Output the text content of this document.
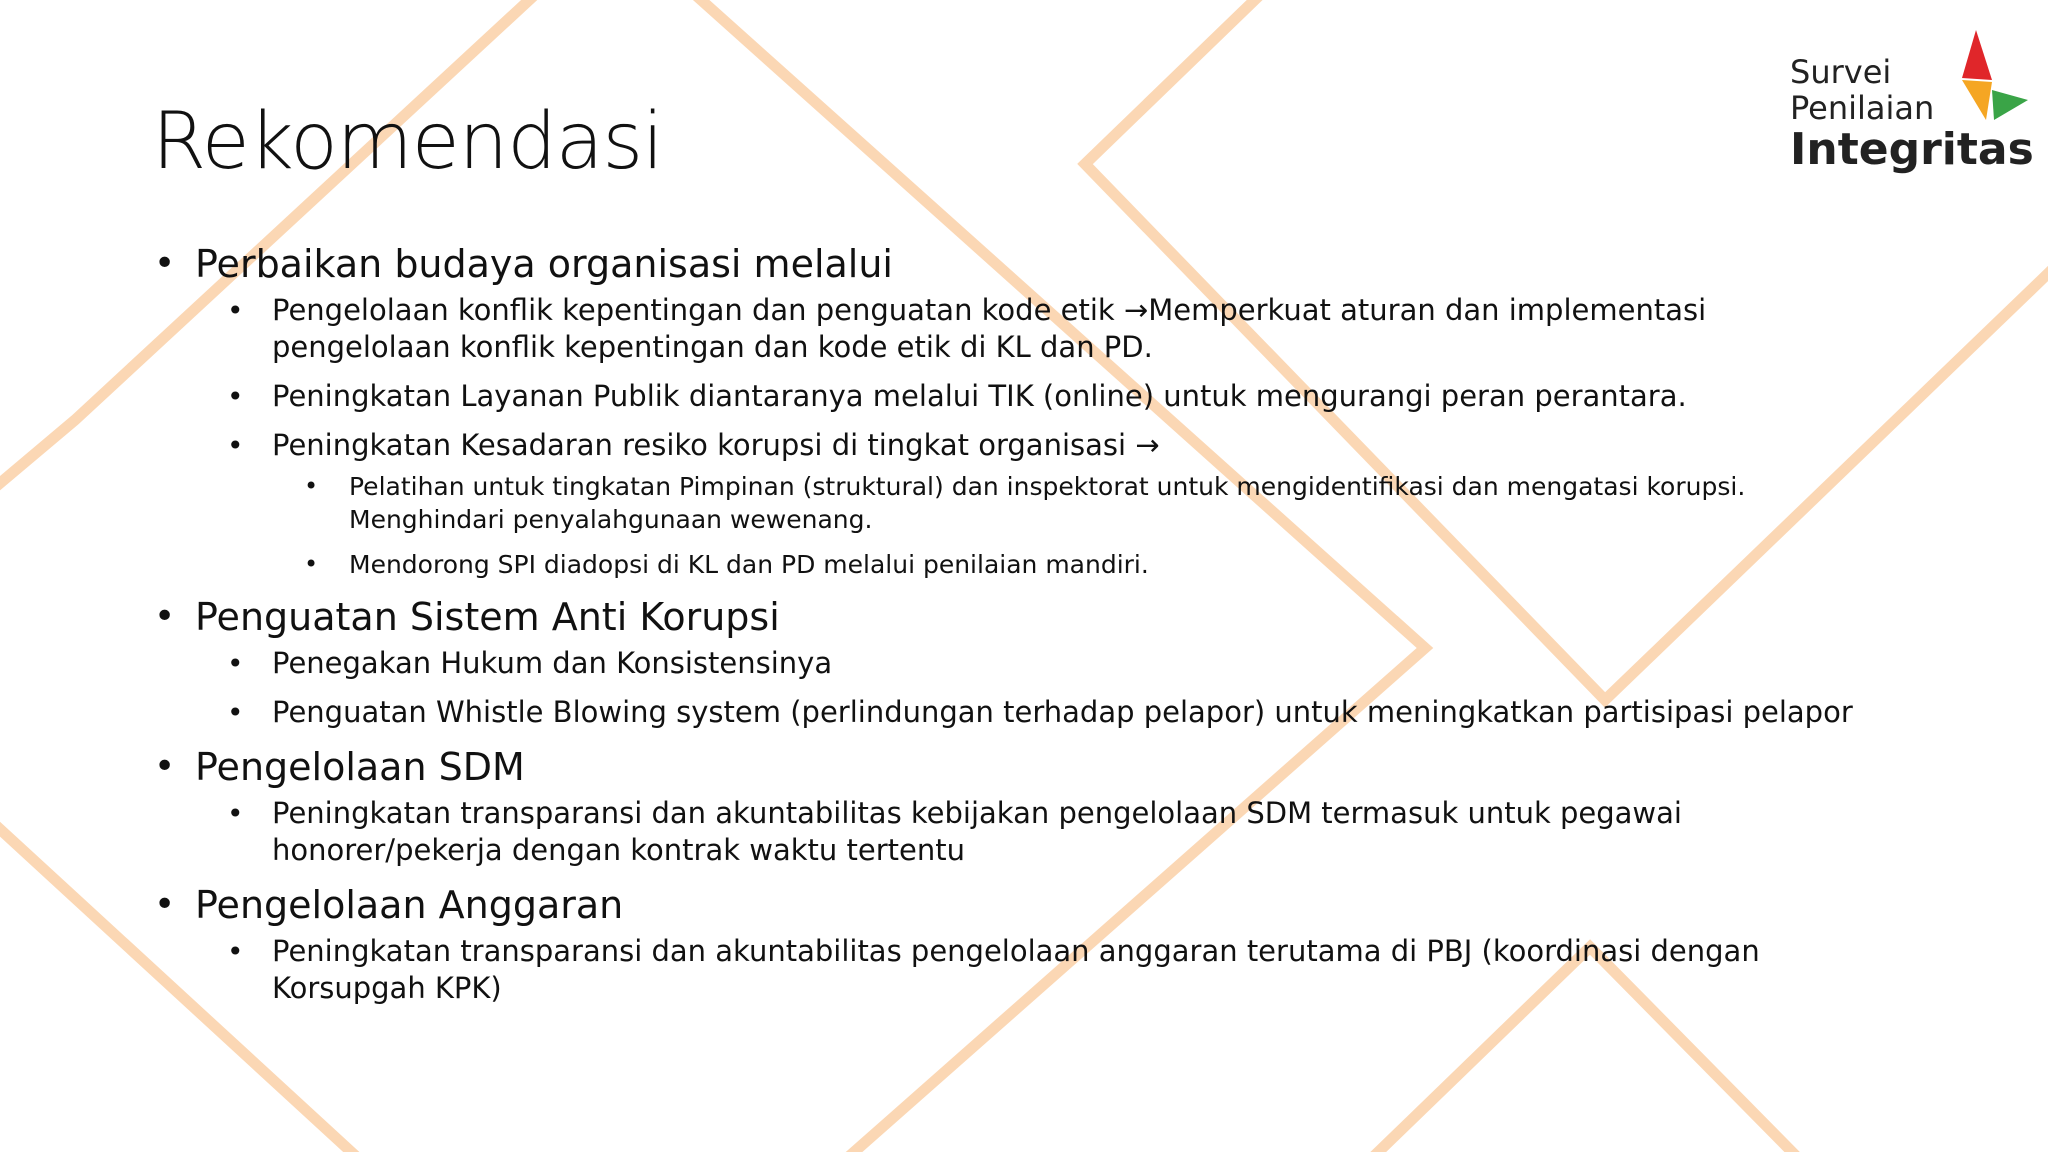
Rekomendasi
Survei
Penilaian
Integritas
• Perbaikan budaya organisasi melalui
• Pengelolaan konflik kepentingan dan penguatan kode etik →Memperkuat aturan dan implementasi pengelolaan konflik kepentingan dan kode etik di KL dan PD.
• Peningkatan Layanan Publik diantaranya melalui TIK (online) untuk mengurangi peran perantara.
• Peningkatan Kesadaran resiko korupsi di tingkat organisasi →
• Pelatihan untuk tingkatan Pimpinan (struktural) dan inspektorat untuk mengidentifikasi dan mengatasi korupsi. Menghindari penyalahgunaan wewenang.
• Mendorong SPI diadopsi di KL dan PD melalui penilaian mandiri.
• Penguatan Sistem Anti Korupsi
• Penegakan Hukum dan Konsistensinya
• Penguatan Whistle Blowing system (perlindungan terhadap pelapor) untuk meningkatkan partisipasi pelapor
• Pengelolaan SDM
• Peningkatan transparansi dan akuntabilitas kebijakan pengelolaan SDM termasuk untuk pegawai honorer/pekerja dengan kontrak waktu tertentu
• Pengelolaan Anggaran
• Peningkatan transparansi dan akuntabilitas pengelolaan anggaran terutama di PBJ (koordinasi dengan Korsupgah KPK)
